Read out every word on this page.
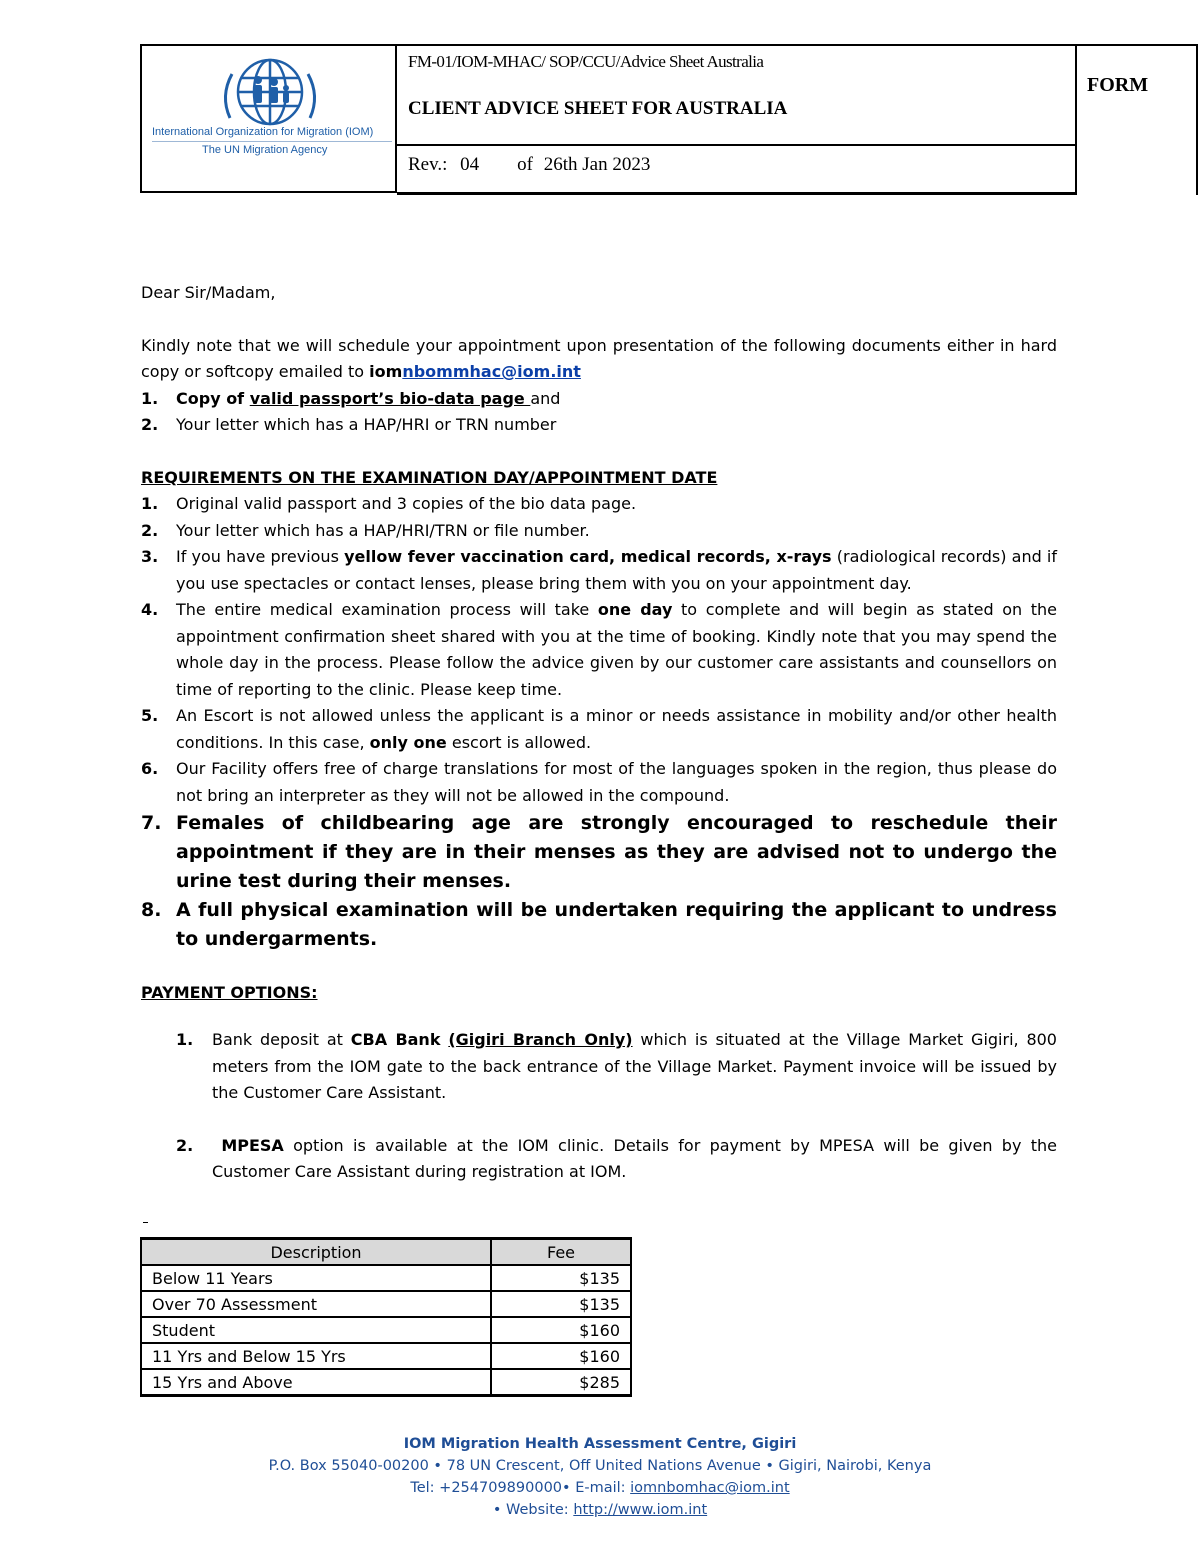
International Organization for Migration (IOM)
The UN Migration Agency
FM-01/IOM-MHAC/ SOP/CCU/Advice Sheet Australia
CLIENT ADVICE SHEET FOR AUSTRALIA
Rev.: 04 of 26th Jan 2023
FORM

Dear Sir/Madam,

Kindly note that we will schedule your appointment upon presentation of the following documents either in hard copy or softcopy emailed to iomnbommhac@iom.int

1. Copy of valid passport’s bio-data page and
2. Your letter which has a HAP/HRI or TRN number

REQUIREMENTS ON THE EXAMINATION DAY/APPOINTMENT DATE

1. Original valid passport and 3 copies of the bio data page.
2. Your letter which has a HAP/HRI/TRN or file number.
3. If you have previous yellow fever vaccination card, medical records, x-rays (radiological records) and if you use spectacles or contact lenses, please bring them with you on your appointment day.
4. The entire medical examination process will take one day to complete and will begin as stated on the appointment confirmation sheet shared with you at the time of booking. Kindly note that you may spend the whole day in the process. Please follow the advice given by our customer care assistants and counsellors on time of reporting to the clinic. Please keep time.
5. An Escort is not allowed unless the applicant is a minor or needs assistance in mobility and/or other health conditions. In this case, only one escort is allowed.
6. Our Facility offers free of charge translations for most of the languages spoken in the region, thus please do not bring an interpreter as they will not be allowed in the compound.
7. Females of childbearing age are strongly encouraged to reschedule their appointment if they are in their menses as they are advised not to undergo the urine test during their menses.
8. A full physical examination will be undertaken requiring the applicant to undress to undergarments.

PAYMENT OPTIONS:

1. Bank deposit at CBA Bank (Gigiri Branch Only) which is situated at the Village Market Gigiri, 800 meters from the IOM gate to the back entrance of the Village Market. Payment invoice will be issued by the Customer Care Assistant.
2. MPESA option is available at the IOM clinic. Details for payment by MPESA will be given by the Customer Care Assistant during registration at IOM.
Description	Fee
Below 11 Years	$135
Over 70 Assessment	$135
Student	$160
11 Yrs and Below 15 Yrs	$160
15 Yrs and Above	$285
IOM Migration Health Assessment Centre, Gigiri
P.O. Box 55040-00200 • 78 UN Crescent, Off United Nations Avenue • Gigiri, Nairobi, Kenya
Tel: +254709890000• E-mail: iomnbomhac@iom.int
• Website: http://www.iom.int
